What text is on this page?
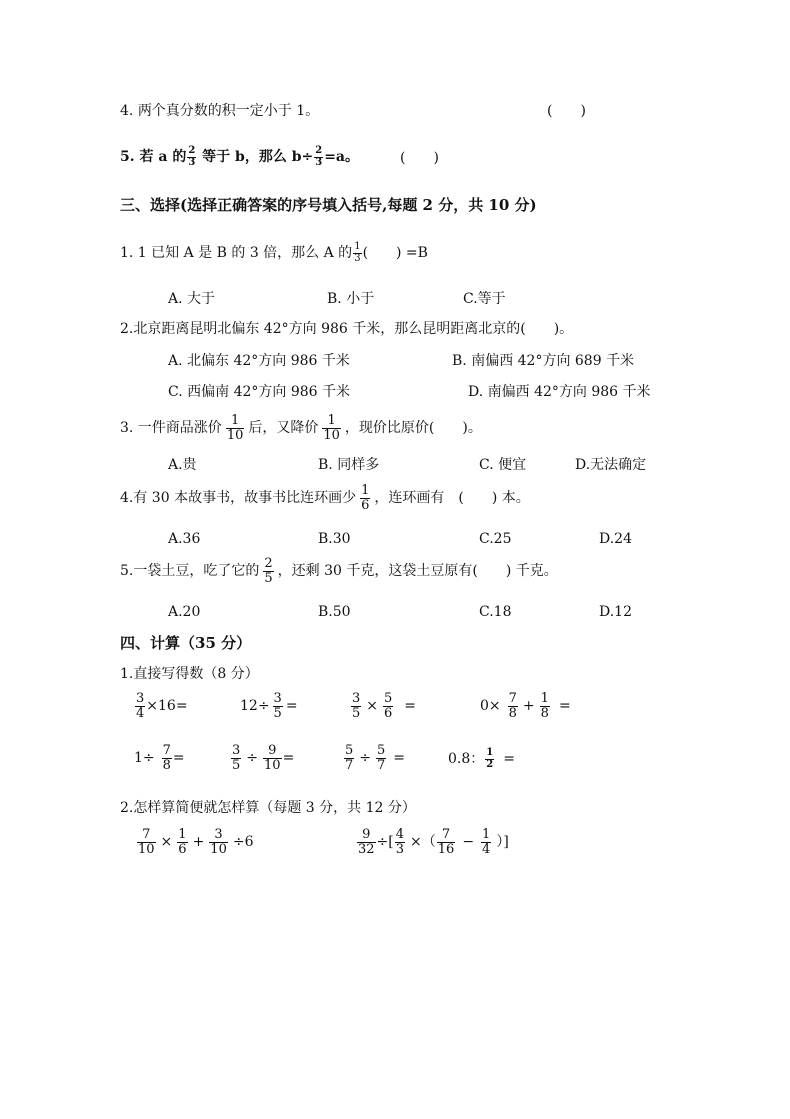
4. 两个真分数的积一定小于 1。	(　　)
5. 若 a 的 $\frac{2}{3}$ 等于 b，那么 $b\div \frac{2}{3} =a$。	(　　)
三、选择(选择正确答案的序号填入括号,每题 2 分，共 10 分)
1. 1 已知 A 是 B 的 3 倍，那么 A 的 $\frac{1}{3}$ (　　) =B
A. 大于	B. 小于	C.等于
2.北京距离昆明北偏东 42°方向 986 千米，那么昆明距离北京的(　　)。
A. 北偏东 42°方向 986 千米	B. 南偏西 42°方向 689 千米
C. 西偏南 42°方向 986 千米	D. 南偏西 42°方向 986 千米
3. 一件商品涨价 $\frac{1}{10}$ 后，又降价 $\frac{1}{10}$ ，现价比原价(　　)。
A.贵	B. 同样多	C. 便宜	D.无法确定
4.有 30 本故事书，故事书比连环画少 $\frac{1}{6}$ ，连环画有　(　　) 本。
A.36	B.30	C.25	D.24
5.一袋土豆，吃了它的 $\frac{2}{5}$ ，还剩 30 千克，这袋土豆原有(　　) 千克。
A.20	B.50	C.18	D.12
四、计算（35 分）
1.直接写得数（8 分）
$\frac{3}{4} \times 16=$	$12\div \frac{3}{5}$ =	$\frac{3}{5} \times \frac{5}{6}$ =	$0\times \frac{7}{8} + \frac{1}{8}$ =
$1\div \frac{7}{8}$ =	$\frac{3}{5} \div \frac{9}{10}$ =	$\frac{5}{7} \div \frac{5}{7}$ =	0.8： $\frac{1}{2}$ =
2.怎样算简便就怎样算（每题 3 分，共 12 分）
$\frac{7}{10} \times \frac{1}{6} + \frac{3}{10} \div 6$	$\frac{9}{32}$ ÷[ $\frac{4}{3}$ ×（ $\frac{7}{16} - \frac{1}{4}$ ）]
